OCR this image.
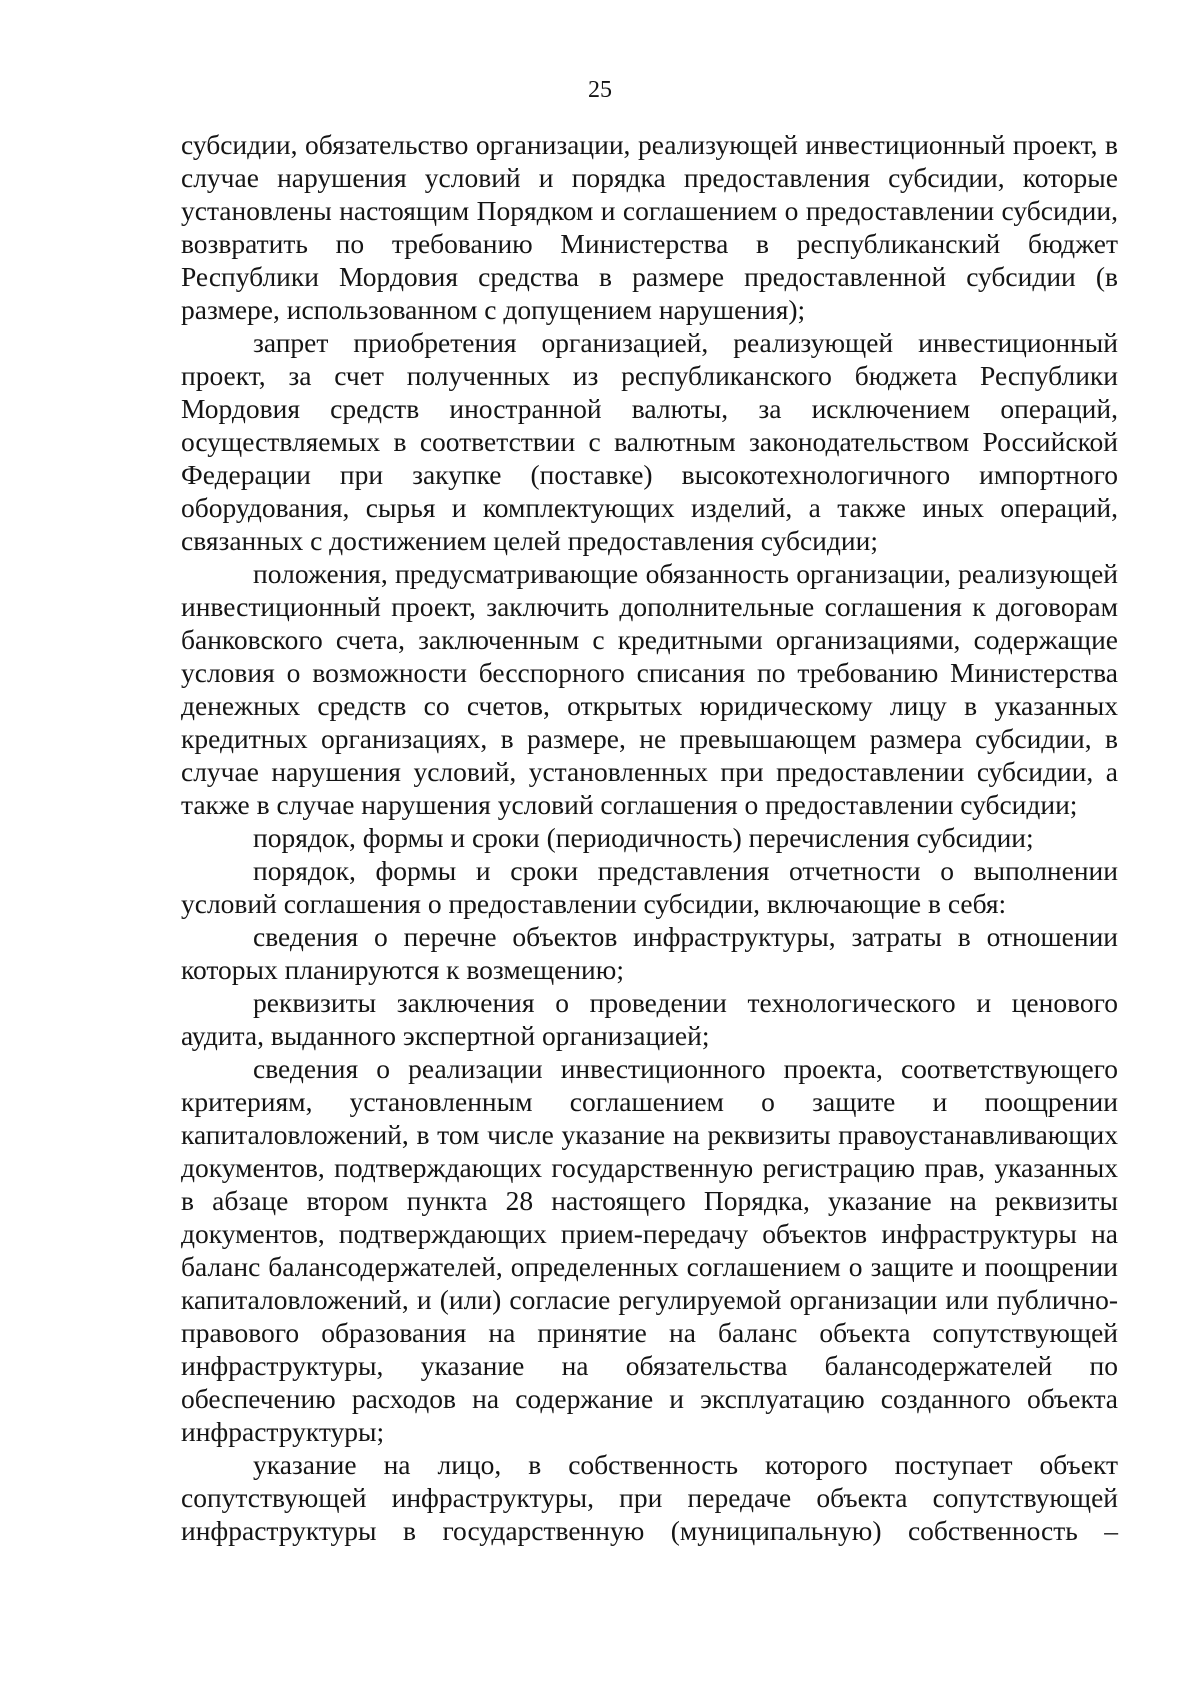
25

субсидии, обязательство организации, реализующей инвестиционный проект, в случае нарушения условий и порядка предоставления субсидии, которые установлены настоящим Порядком и соглашением о предоставлении субсидии, возвратить по требованию Министерства в республиканский бюджет Республики Мордовия средства в размере предоставленной субсидии (в размере, использованном с допущением нарушения);

запрет приобретения организацией, реализующей инвестиционный проект, за счет полученных из республиканского бюджета Республики Мордовия средств иностранной валюты, за исключением операций, осуществляемых в соответствии с валютным законодательством Российской Федерации при закупке (поставке) высокотехнологичного импортного оборудования, сырья и комплектующих изделий, а также иных операций, связанных с достижением целей предоставления субсидии;

положения, предусматривающие обязанность организации, реализующей инвестиционный проект, заключить дополнительные соглашения к договорам банковского счета, заключенным с кредитными организациями, содержащие условия о возможности бесспорного списания по требованию Министерства денежных средств со счетов, открытых юридическому лицу в указанных кредитных организациях, в размере, не превышающем размера субсидии, в случае нарушения условий, установленных при предоставлении субсидии, а также в случае нарушения условий соглашения о предоставлении субсидии;

порядок, формы и сроки (периодичность) перечисления субсидии;

порядок, формы и сроки представления отчетности о выполнении условий соглашения о предоставлении субсидии, включающие в себя:

сведения о перечне объектов инфраструктуры, затраты в отношении которых планируются к возмещению;

реквизиты заключения о проведении технологического и ценового аудита, выданного экспертной организацией;

сведения о реализации инвестиционного проекта, соответствующего критериям, установленным соглашением о защите и поощрении капиталовложений, в том числе указание на реквизиты правоустанавливающих документов, подтверждающих государственную регистрацию прав, указанных в абзаце втором пункта 28 настоящего Порядка, указание на реквизиты документов, подтверждающих прием-передачу объектов инфраструктуры на баланс балансодержателей, определенных соглашением о защите и поощрении капиталовложений, и (или) согласие регулируемой организации или публично-правового образования на принятие на баланс объекта сопутствующей инфраструктуры, указание на обязательства балансодержателей по обеспечению расходов на содержание и эксплуатацию созданного объекта инфраструктуры;

указание на лицо, в собственность которого поступает объект сопутствующей инфраструктуры, при передаче объекта сопутствующей инфраструктуры в государственную (муниципальную) собственность –
